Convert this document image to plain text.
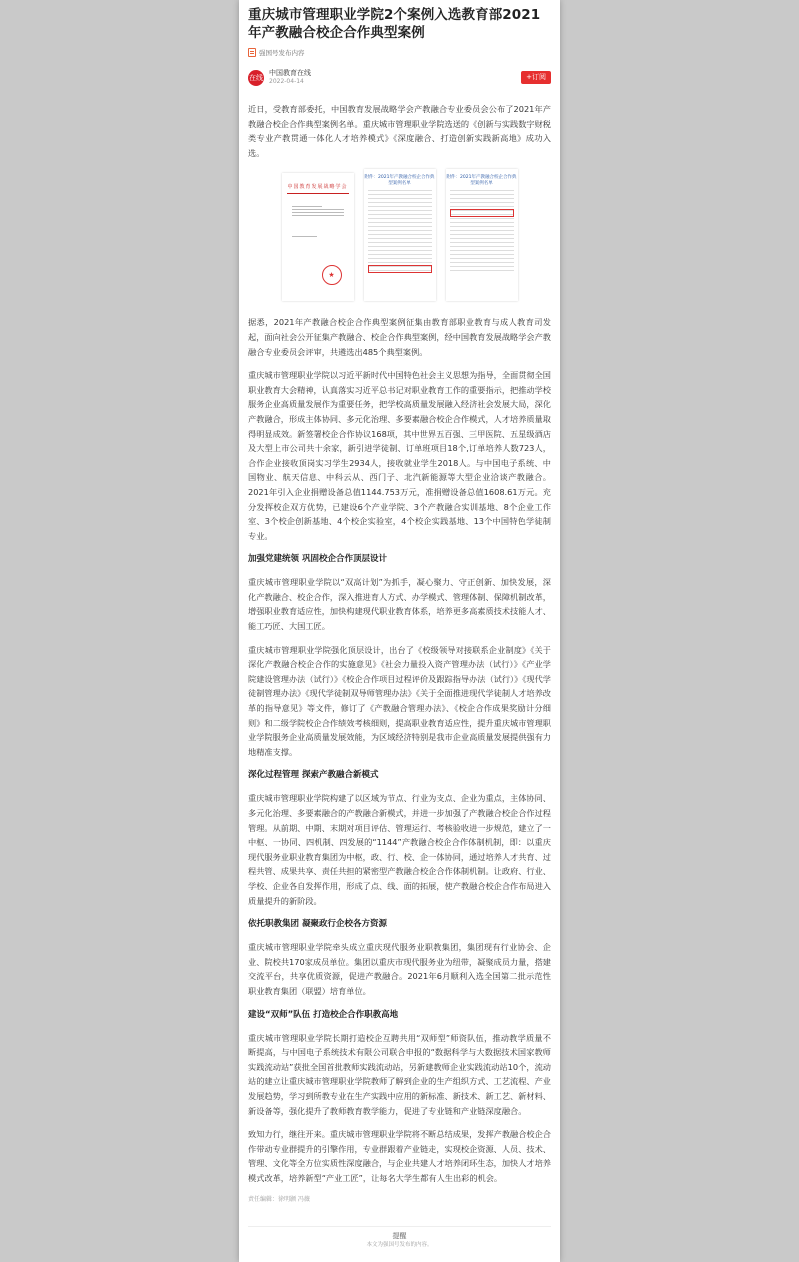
重庆城市管理职业学院2个案例入选教育部2021年产教融合校企合作典型案例
强国号发布内容
在线
中国教育在线
2022-04-14
+订阅

近日，受教育部委托，中国教育发展战略学会产教融合专业委员会公布了2021年产教融合校企合作典型案例名单。重庆城市管理职业学院选送的《创新与实践数字财税类专业产教贯通一体化人才培养模式》《深度融合、打造创新实践新高地》成功入选。

中国教育发展战略学会
★
附件：2021年产教融合校企合作典型案例名单
附件：2021年产教融合校企合作典型案例名单

据悉，2021年产教融合校企合作典型案例征集由教育部职业教育与成人教育司发起，面向社会公开征集产教融合、校企合作典型案例，经中国教育发展战略学会产教融合专业委员会评审，共遴选出485个典型案例。

重庆城市管理职业学院以习近平新时代中国特色社会主义思想为指导，全面贯彻全国职业教育大会精神，认真落实习近平总书记对职业教育工作的重要指示，把推动学校服务企业高质量发展作为重要任务，把学校高质量发展融入经济社会发展大局，深化产教融合，形成主体协同、多元化治理、多要素融合校企合作模式，人才培养质量取得明显成效。新签署校企合作协议168项，其中世界五百强、三甲医院、五星级酒店及大型上市公司共十余家，新引进学徒制、订单班项目18个,订单培养人数723人，合作企业接收顶岗实习学生2934人，接收就业学生2018人。与中国电子系统、中国物业、航天信息、中科云从、西门子、北汽新能源等大型企业洽谈产教融合。2021年引入企业捐赠设备总值1144.753万元，准捐赠设备总值1608.61万元。充分发挥校企双方优势，已建设6个产业学院、3个产教融合实训基地、8个企业工作室、3个校企创新基地、4个校企实验室，4个校企实践基地、13个中国特色学徒制专业。

加强党建统领 巩固校企合作顶层设计

重庆城市管理职业学院以“双高计划”为抓手，凝心聚力、守正创新、加快发展，深化产教融合、校企合作，深入推进育人方式、办学模式、管理体制、保障机制改革，增强职业教育适应性，加快构建现代职业教育体系，培养更多高素质技术技能人才、能工巧匠、大国工匠。

重庆城市管理职业学院强化顶层设计，出台了《校级领导对接联系企业制度》《关于深化产教融合校企合作的实施意见》《社会力量投入资产管理办法（试行）》《产业学院建设管理办法（试行）》《校企合作项目过程评价及跟踪指导办法（试行）》《现代学徒制管理办法》《现代学徒制双导师管理办法》《关于全面推进现代学徒制人才培养改革的指导意见》等文件，修订了《产教融合管理办法》、《校企合作成果奖励计分细则》和二级学院校企合作绩效考核细则，提高职业教育适应性，提升重庆城市管理职业学院服务企业高质量发展效能，为区域经济特别是我市企业高质量发展提供强有力地精准支撑。

深化过程管理 探索产教融合新模式

重庆城市管理职业学院构建了以区域为节点、行业为支点、企业为重点，主体协同、多元化治理、多要素融合的产教融合新模式，并进一步加强了产教融合校企合作过程管理。从前期、中期、末期对项目评估、管理运行、考核验收进一步规范，建立了一中枢、一协同、四机制、四发展的“1144”产教融合校企合作体制机制，即：以重庆现代服务业职业教育集团为中枢，政、行、校、企一体协同，通过培养人才共育、过程共管、成果共享、责任共担的紧密型产教融合校企合作体制机制。让政府、行业、学校、企业各自发挥作用，形成了点、线、面的拓展，使产教融合校企合作布局进入质量提升的新阶段。

依托职教集团 凝聚政行企校各方资源

重庆城市管理职业学院牵头成立重庆现代服务业职教集团，集团现有行业协会、企业、院校共170家成员单位。集团以重庆市现代服务业为纽带，凝聚成员力量，搭建交流平台，共享优质资源，促进产教融合。2021年6月顺利入选全国第二批示范性职业教育集团（联盟）培育单位。

建设“双师”队伍 打造校企合作职教高地

重庆城市管理职业学院长期打造校企互聘共用“双师型”师资队伍，推动教学质量不断提高，与中国电子系统技术有限公司联合申报的“数据科学与大数据技术国家教师实践流动站”获批全国首批教师实践流动站，另新建教师企业实践流动站10个，流动站的建立让重庆城市管理职业学院教师了解到企业的生产组织方式、工艺流程、产业发展趋势，学习到所教专业在生产实践中应用的新标准、新技术、新工艺、新材料、新设备等，强化提升了教师教育教学能力，促进了专业链和产业链深度融合。

致知力行，继往开来。重庆城市管理职业学院将不断总结成果，发挥产教融合校企合作带动专业群提升的引擎作用，专业群跟着产业链走，实现校企资源、人员、技术、管理、文化等全方位实质性深度融合，与企业共建人才培养闭环生态，加快人才培养模式改革，培养新型“产业工匠”，让每名大学生都有人生出彩的机会。

责任编辑：徐明颢 冯薇
提醒
本文为强国号发布的内容。
